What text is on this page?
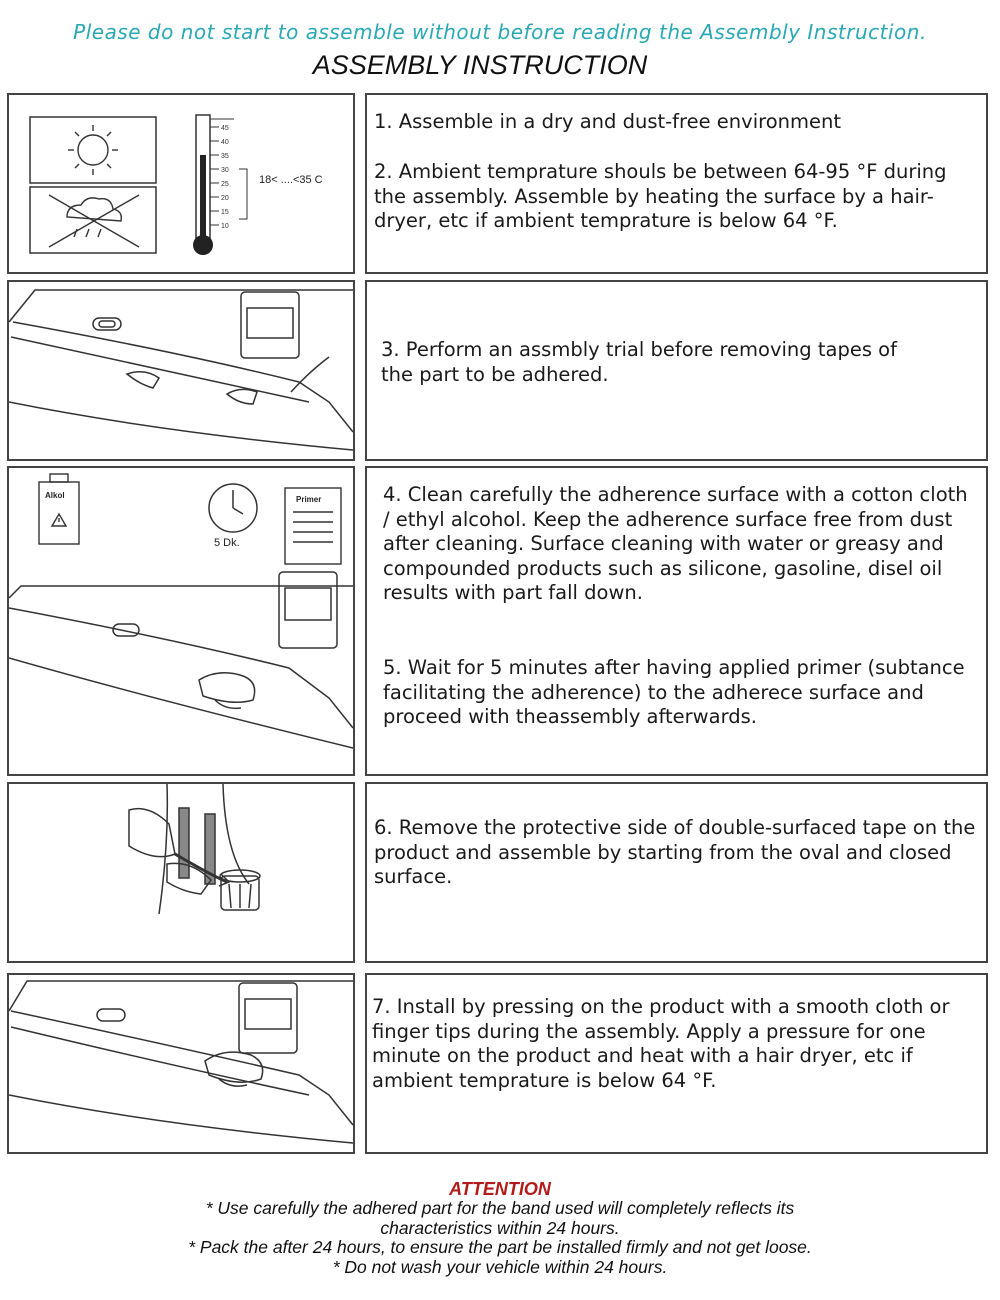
Please do not start to assemble without before reading the Assembly Instruction.
ASSEMBLY INSTRUCTION
45
40
35
30
25
20
15
10
18< ....<35 C

1. Assemble in a dry and dust-free environment

2. Ambient temprature shouls be between 64-95 °F during the assembly. Assemble by heating the surface by a hair-dryer, etc if ambient temprature is below 64 °F.

3. Perform an assmbly trial before removing tapes of the part to be adhered.

Alkol
5 Dk.
Primer	4. Clean carefully the adherence surface with a cotton cloth / ethyl alcohol. Keep the adherence surface free from dust after cleaning. Surface cleaning with water or greasy and compounded products such as silicone, gasoline, disel oil results with part fall down.

5. Wait for 5 minutes after having applied primer (subtance facilitating the adherence) to the adherece surface and proceed with theassembly afterwards.

6. Remove the protective side of double-surfaced tape on the product and assemble by starting from the oval and closed surface.

7. Install by pressing on the product with a smooth cloth or finger tips during the assembly. Apply a pressure for one minute on the product and heat with a hair dryer, etc if ambient temprature is below 64 °F.

ATTENTION
* Use carefully the adhered part for the band used will completely reflects its
characteristics within 24 hours.
* Pack the after 24 hours, to ensure the part be installed firmly and not get loose.
* Do not wash your vehicle within 24 hours.
